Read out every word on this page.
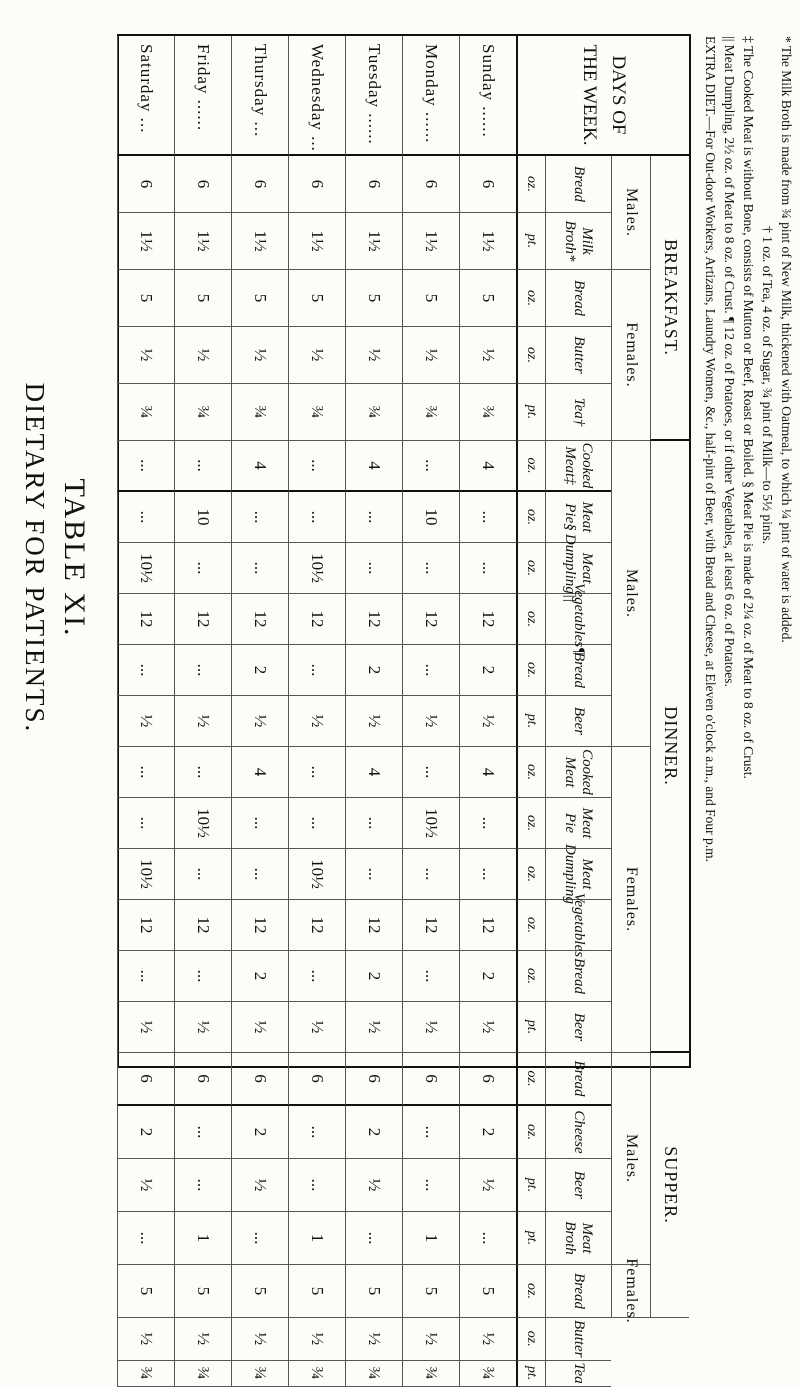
* The Milk Broth is made from ¾ pint of New Milk, thickened with Oatmeal, to which ¼ pint of water is added.
† 1 oz. of Tea, 4 oz. of Sugar, ¾ pint of Milk—to 5½ pints.
‡ The Cooked Meat is without Bone, consists of Mutton or Beef, Roast or Boiled. § Meat Pie is made of 2¼ oz. of Meat to 8 oz. of Crust.
|| Meat Dumpling, 2½ oz. of Meat to 8 oz. of Crust. ¶ 12 oz. of Potatoes, or if other Vegetables, at least 6 oz. of Potatoes.
EXTRA DIET.—For Out-door Workers, Artizans, Laundry Women, &c., half-pint of Beer, with Bread and Cheese, at Eleven o'clock a.m., and Four p.m.
DAYS OF THE WEEK.
Sunday ......
Monday ......
Tuesday ......
Wednesday ...
Thursday ...
Friday ......
Saturday ...
BREAKFAST.
DINNER.
SUPPER.
Males.
Females.
Males.
Females.
Males.
Females.
Bread
oz.
6
6
6
6
6
6
6
Milk Broth*
pt.
1½
1½
1½
1½
1½
1½
1½
Bread
oz.
5
5
5
5
5
5
5
Butter
oz.
½
½
½
½
½
½
½
Tea†
pt.
¾
¾
¾
¾
¾
¾
¾
Cooked Meat‡
oz.
4
...
4
...
4
...
...
Meat Pie§
oz.
...
10
...
...
...
10
...
Meat Dumpling||
oz.
...
...
...
10½
...
...
10½
Vegetables¶
oz.
12
12
12
12
12
12
12
Bread
oz.
2
...
2
...
2
...
...
Beer
pt.
½
½
½
½
½
½
½
Cooked Meat
oz.
4
...
4
...
4
...
...
Meat Pie
oz.
...
10½
...
...
...
10½
...
Meat Dumpling
oz.
...
...
...
10½
...
...
10½
Vegetables
oz.
12
12
12
12
12
12
12
Bread
oz.
2
...
2
...
2
...
...
Beer
pt.
½
½
½
½
½
½
½
Bread
oz.
6
6
6
6
6
6
6
Cheese
oz.
2
...
2
...
2
...
2
Beer
pt.
½
...
½
...
½
...
½
Meat Broth
pt.
...
1
...
1
...
1
...
Bread
oz.
5
5
5
5
5
5
5
Butter
oz.
½
½
½
½
½
½
½
Tea
pt.
¾
¾
¾
¾
¾
¾
¾
DIETARY FOR PATIENTS. TABLE XI.
